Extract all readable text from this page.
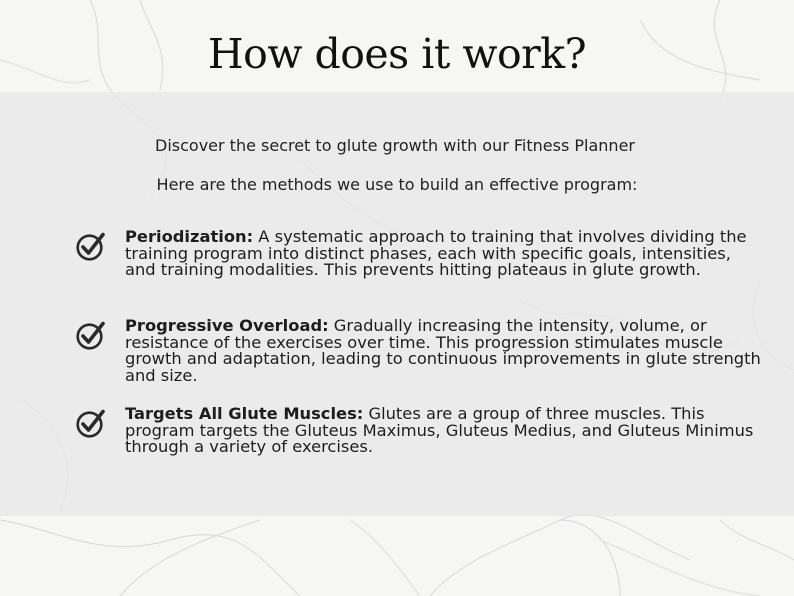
How does it work?

Discover the secret to glute growth with our Fitness Planner

Here are the methods we use to build an effective program:

Periodization: A systematic approach to training that involves dividing the training program into distinct phases, each with specific goals, intensities, and training modalities. This prevents hitting plateaus in glute growth.

Progressive Overload: Gradually increasing the intensity, volume, or resistance of the exercises over time. This progression stimulates muscle growth and adaptation, leading to continuous improvements in glute strength and size.

Targets All Glute Muscles: Glutes are a group of three muscles. This program targets the Gluteus Maximus, Gluteus Medius, and Gluteus Minimus through a variety of exercises.
